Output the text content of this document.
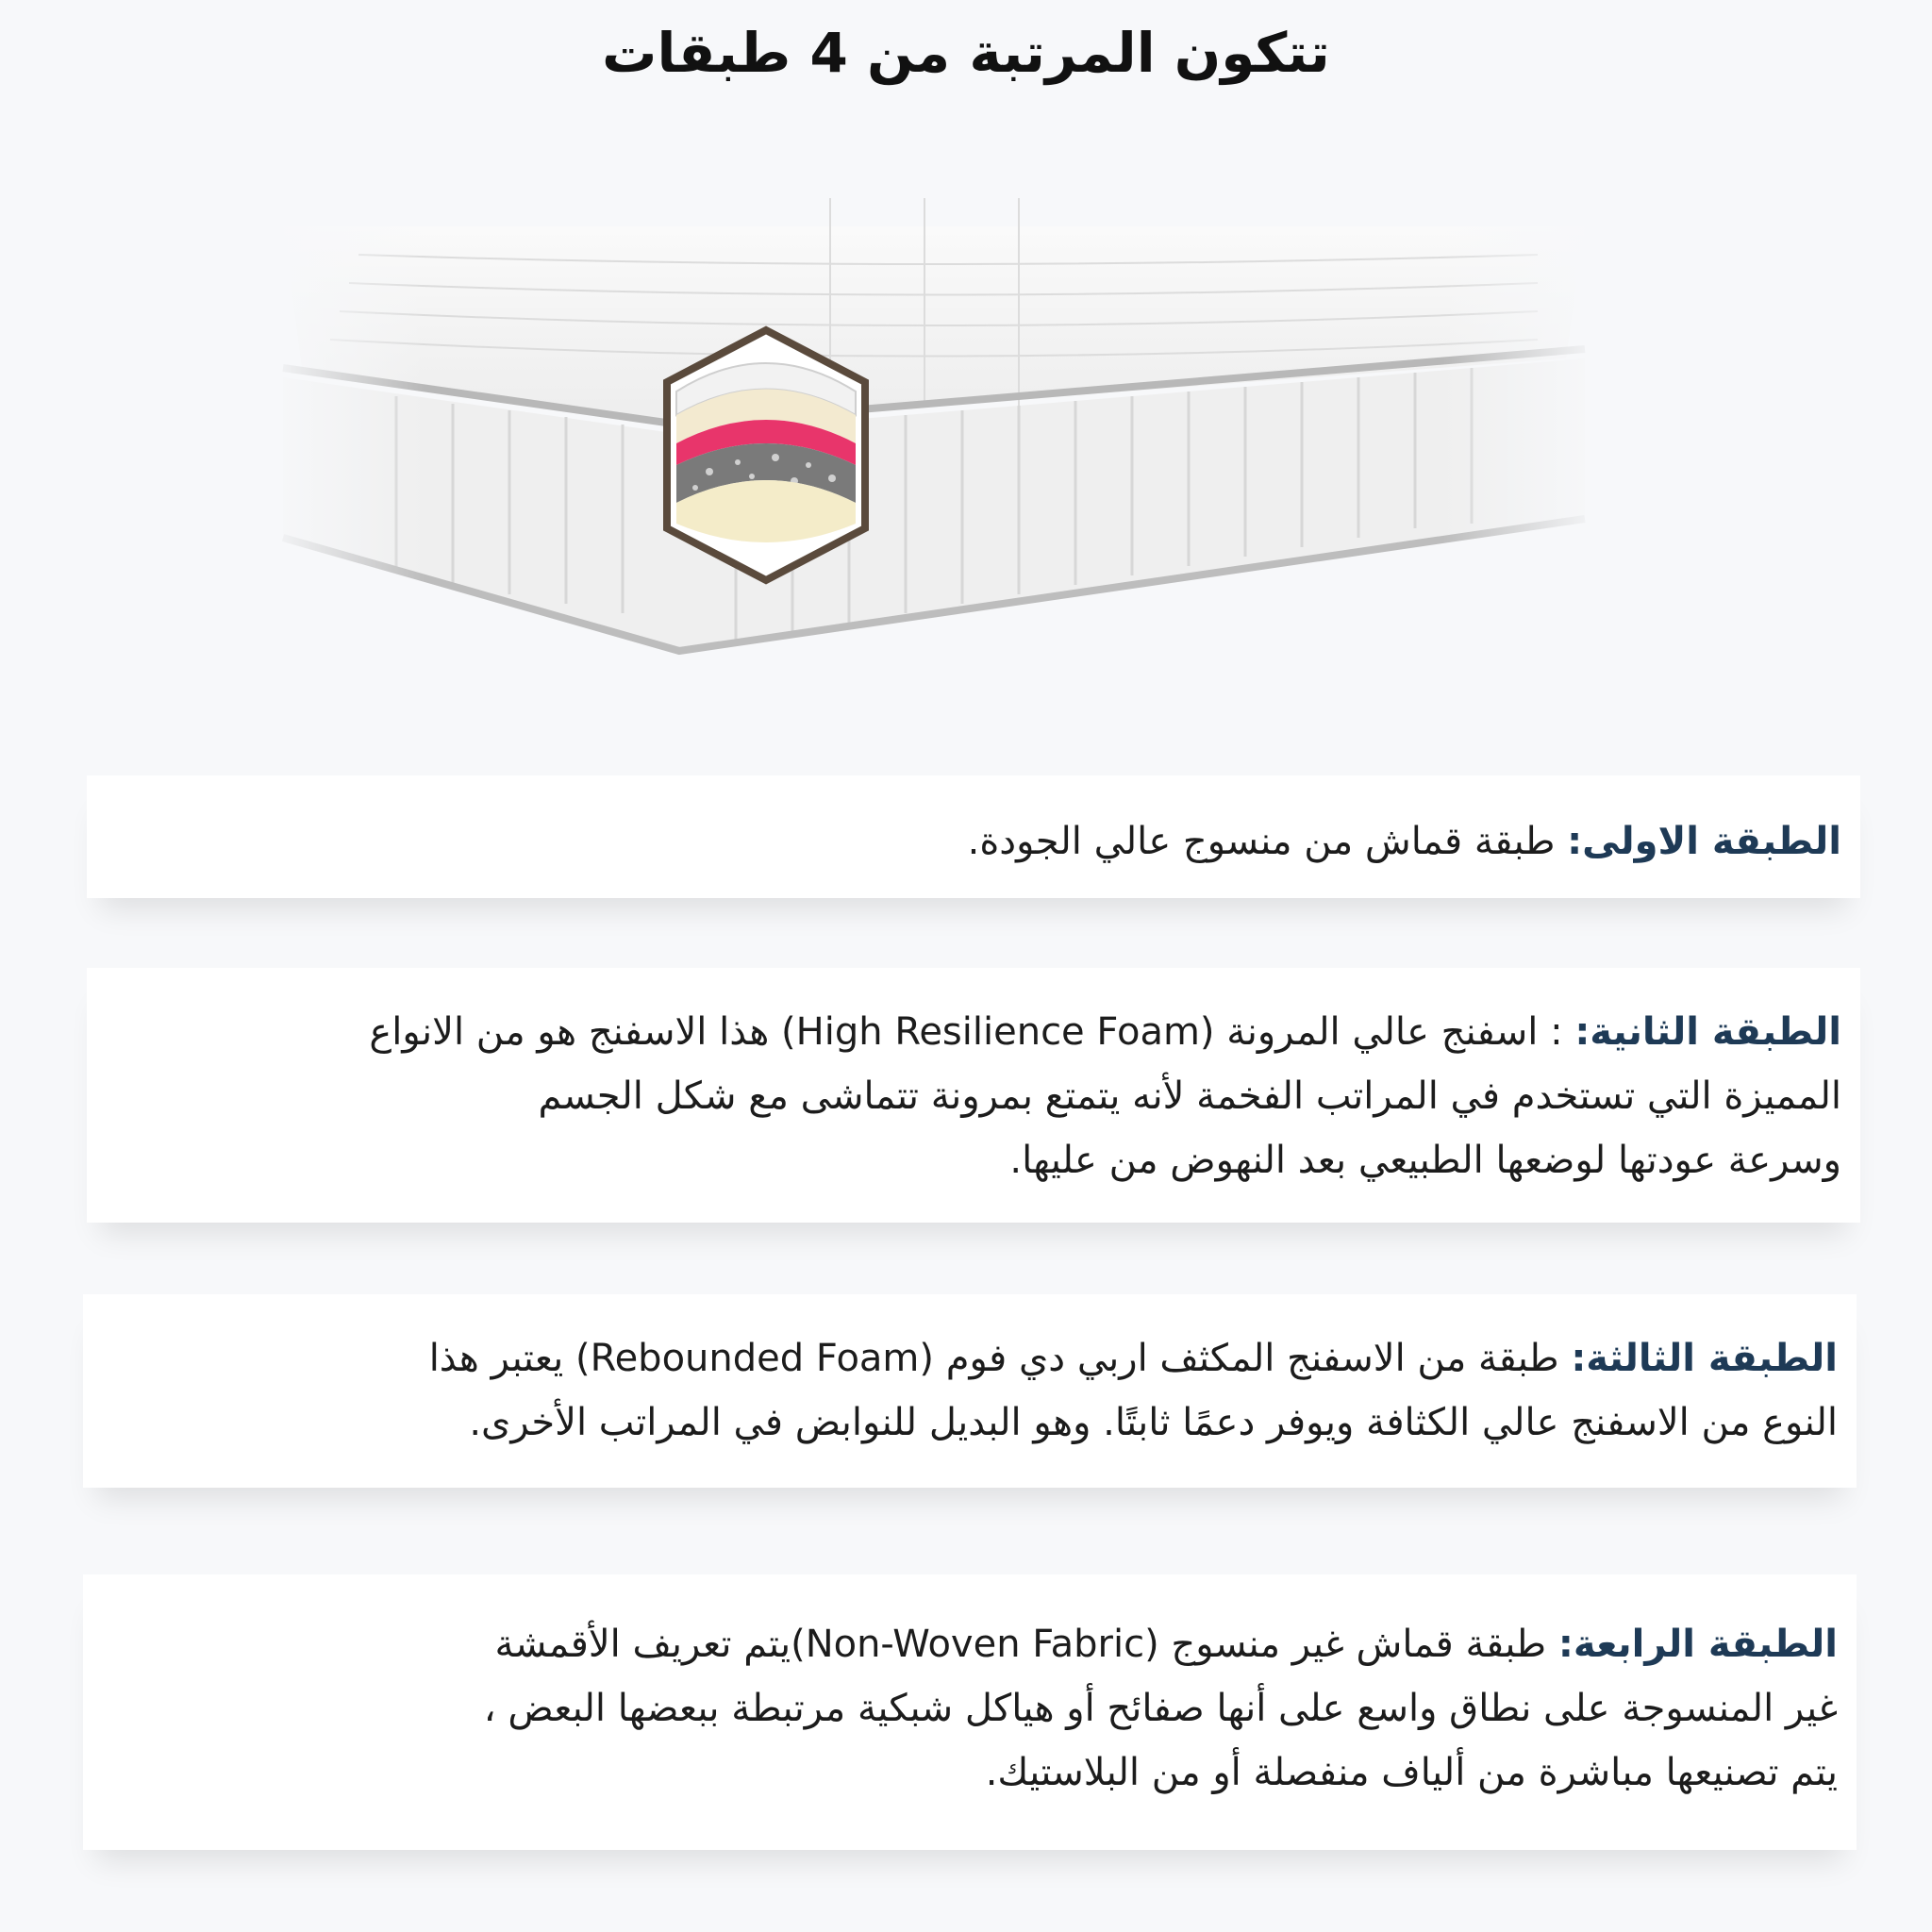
تتكون المرتبة من 4 طبقات
الطبقة الاولى: طبقة قماش من منسوج عالي الجودة.
الطبقة الثانية: : اسفنج عالي المرونة (High Resilience Foam) هذا الاسفنج هو من الانواع
المميزة التي تستخدم في المراتب الفخمة لأنه يتمتع بمرونة تتماشى مع شكل الجسم
وسرعة عودتها لوضعها الطبيعي بعد النهوض من عليها.
الطبقة الثالثة: طبقة من الاسفنج المكثف اربي دي فوم (Rebounded Foam) يعتبر هذا
النوع من الاسفنج عالي الكثافة ويوفر دعمًا ثابتًا. وهو البديل للنوابض في المراتب الأخرى.
الطبقة الرابعة: طبقة قماش غير منسوج (Non-Woven Fabric)يتم تعريف الأقمشة
غير المنسوجة على نطاق واسع على أنها صفائح أو هياكل شبكية مرتبطة ببعضها البعض ،
يتم تصنيعها مباشرة من ألياف منفصلة أو من البلاستيك.
